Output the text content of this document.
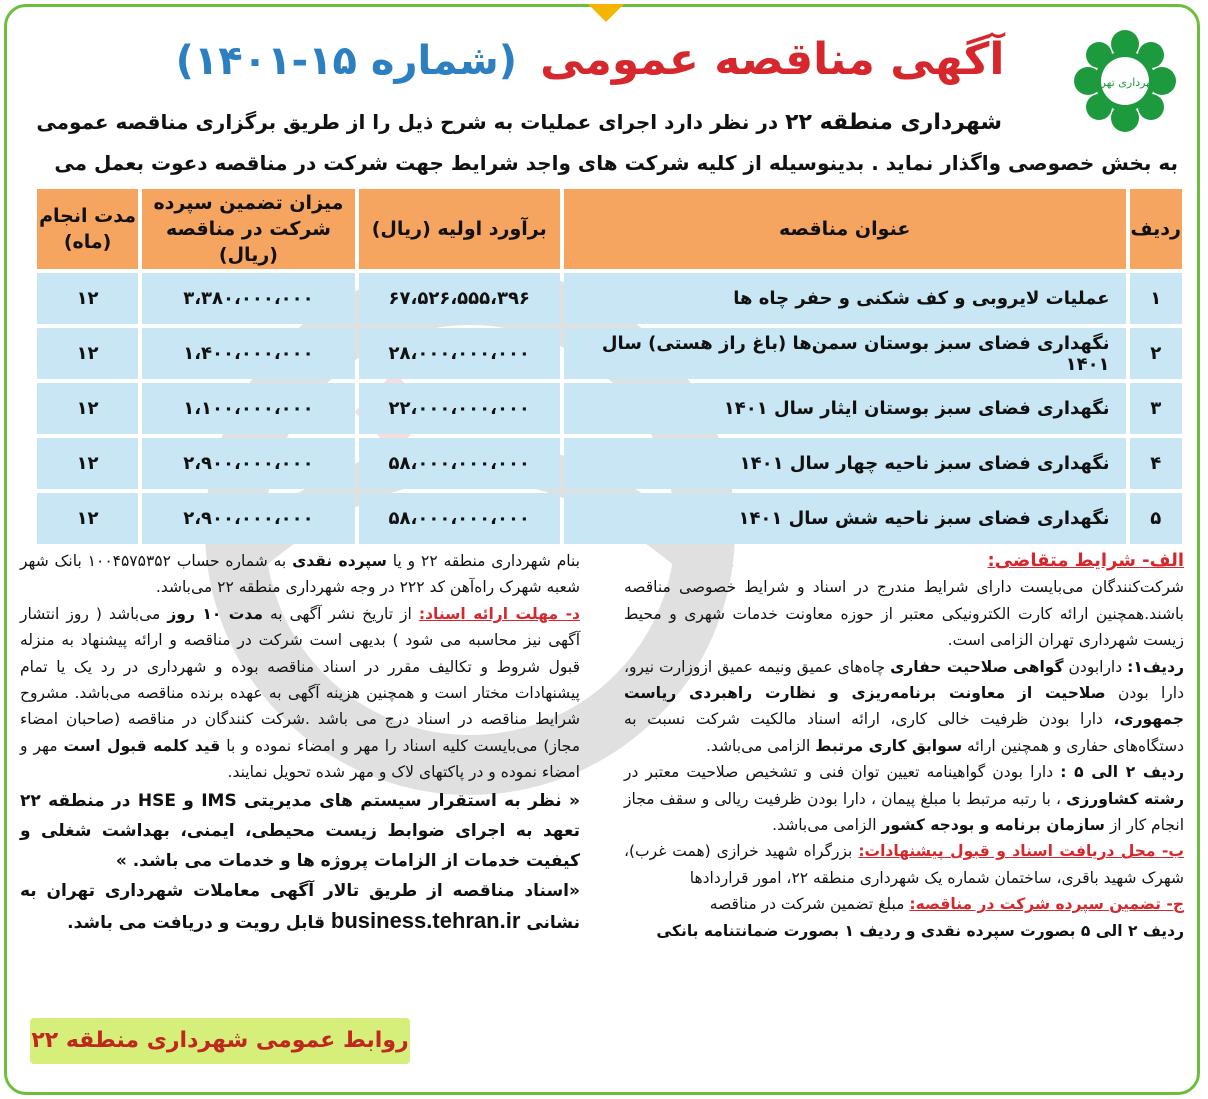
شهرداری تهران
آگهی مناقصه عمومی (شماره ۱۵-۱۴۰۱)
شهرداری منطقه ۲۲ در نظر دارد اجرای عملیات به شرح ذیل را از طریق برگزاری مناقصه عمومی
به بخش خصوصی واگذار نماید . بدینوسیله از کلیه شرکت های واجد شرایط جهت شرکت در مناقصه دعوت بعمل می
ردیف	عنوان مناقصه	برآورد اولیه (ریال)	میزان تضمین سپرده
شرکت در مناقصه (ریال)	مدت انجام
(ماه)
۱	عملیات لایروبی و کف شکنی و حفر چاه ها	۶۷،۵۲۶،۵۵۵،۳۹۶	۳،۳۸۰،۰۰۰،۰۰۰	۱۲
۲	نگهداری فضای سبز بوستان سمن‌ها (باغ راز هستی) سال ۱۴۰۱	۲۸،۰۰۰،۰۰۰،۰۰۰	۱،۴۰۰،۰۰۰،۰۰۰	۱۲
۳	نگهداری فضای سبز بوستان ایثار سال ۱۴۰۱	۲۲،۰۰۰،۰۰۰،۰۰۰	۱،۱۰۰،۰۰۰،۰۰۰	۱۲
۴	نگهداری فضای سبز ناحیه چهار سال ۱۴۰۱	۵۸،۰۰۰،۰۰۰،۰۰۰	۲،۹۰۰،۰۰۰،۰۰۰	۱۲
۵	نگهداری فضای سبز ناحیه شش سال ۱۴۰۱	۵۸،۰۰۰،۰۰۰،۰۰۰	۲،۹۰۰،۰۰۰،۰۰۰	۱۲

الف- شرایط متقاضی:

شرکت‌کنندگان می‌بایست دارای شرایط مندرج در اسناد و شرایط خصوصی مناقصه باشند.همچنین ارائه کارت الکترونیکی معتبر از حوزه معاونت خدمات شهری و محیط زیست شهرداری تهران الزامی است.

ردیف۱: دارابودن گواهی صلاحیت حفاری چاه‌های عمیق ونیمه عمیق ازوزارت نیرو، دارا بودن صلاحیت از معاونت برنامه‌ریزی و نظارت راهبردی ریاست جمهوری، دارا بودن ظرفیت خالی کاری، ارائه اسناد مالکیت شرکت نسبت به دستگاه‌های حفاری و همچنین ارائه سوابق کاری مرتبط الزامی می‌باشد.

ردیف ۲ الی ۵ : دارا بودن گواهینامه تعیین توان فنی و تشخیص صلاحیت معتبر در رشته کشاورزی ، با رتبه مرتبط با مبلغ پیمان ، دارا بودن ظرفیت ریالی و سقف مجاز انجام کار از سازمان برنامه و بودجه کشور الزامی می‌باشد.

ب- محل دریافت اسناد و قبول پیشنهادات: بزرگراه شهید خرازی (همت غرب)، شهرک شهید باقری، ساختمان شماره یک شهرداری منطقه ۲۲، امور قراردادها

ج- تضمین سپرده شرکت در مناقصه: مبلغ تضمین شرکت در مناقصه

ردیف ۲ الی ۵ بصورت سپرده نقدی و ردیف ۱ بصورت ضمانتنامه بانکی

بنام شهرداری منطقه ۲۲ و یا سپرده نقدی به شماره حساب ۱۰۰۴۵۷۵۳۵۲ بانک شهر شعبه شهرک راه‌آهن کد ۲۲۲ در وجه شهرداری منطقه ۲۲ می‌باشد.

د- مهلت ارائه اسناد: از تاریخ نشر آگهی به مدت ۱۰ روز می‌باشد ( روز انتشار آگهی نیز محاسبه می شود ) بدیهی است شرکت در مناقصه و ارائه پیشنهاد به منزله قبول شروط و تکالیف مقرر در اسناد مناقصه بوده و شهرداری در رد یک یا تمام پیشنهادات مختار است و همچنین هزینه آگهی به عهده برنده مناقصه می‌باشد. مشروح شرایط مناقصه در اسناد درج می باشد .شرکت کنندگان در مناقصه (صاحبان امضاء مجاز) می‌بایست کلیه اسناد را مهر و امضاء نموده و با قید کلمه قبول است مهر و امضاء نموده و در پاکتهای لاک و مهر شده تحویل نمایند.

« نظر به استقرار سیستم های مدیریتی IMS و HSE در منطقه ۲۲ تعهد به اجرای ضوابط زیست محیطی، ایمنی، بهداشت شغلی و کیفیت خدمات از الزامات پروژه ها و خدمات می باشد. »

«اسناد مناقصه از طریق تالار آگهی معاملات شهرداری تهران به نشانی business.tehran.ir قابل رویت و دریافت می باشد.

روابط عمومی شهرداری منطقه ۲۲
